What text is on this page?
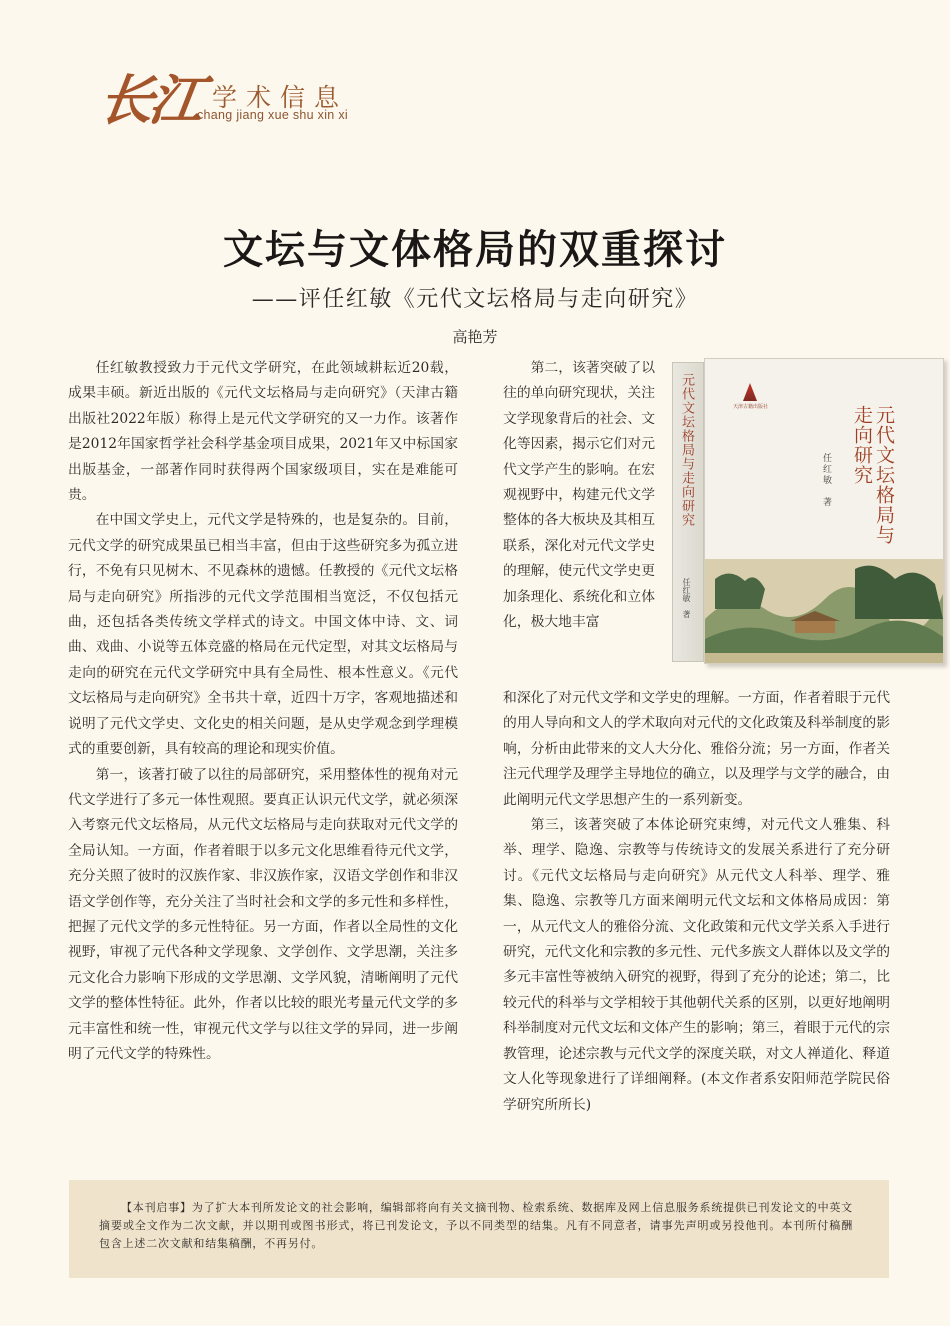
长江 学术信息
chang jiang xue shu xin xi
文坛与文体格局的双重探讨
——评任红敏《元代文坛格局与走向研究》
高艳芳

任红敏教授致力于元代文学研究，在此领域耕耘近20载，成果丰硕。新近出版的《元代文坛格局与走向研究》（天津古籍出版社2022年版）称得上是元代文学研究的又一力作。该著作是2012年国家哲学社会科学基金项目成果，2021年又中标国家出版基金，一部著作同时获得两个国家级项目，实在是难能可贵。

在中国文学史上，元代文学是特殊的，也是复杂的。目前，元代文学的研究成果虽已相当丰富，但由于这些研究多为孤立进行，不免有只见树木、不见森林的遗憾。任教授的《元代文坛格局与走向研究》所指涉的元代文学范围相当宽泛，不仅包括元曲，还包括各类传统文学样式的诗文。中国文体中诗、文、词曲、戏曲、小说等五体竞盛的格局在元代定型，对其文坛格局与走向的研究在元代文学研究中具有全局性、根本性意义。《元代文坛格局与走向研究》全书共十章，近四十万字，客观地描述和说明了元代文学史、文化史的相关问题，是从史学观念到学理模式的重要创新，具有较高的理论和现实价值。

第一，该著打破了以往的局部研究，采用整体性的视角对元代文学进行了多元一体性观照。要真正认识元代文学，就必须深入考察元代文坛格局，从元代文坛格局与走向获取对元代文学的全局认知。一方面，作者着眼于以多元文化思维看待元代文学，充分关照了彼时的汉族作家、非汉族作家，汉语文学创作和非汉语文学创作等，充分关注了当时社会和文学的多元性和多样性，把握了元代文学的多元性特征。另一方面，作者以全局性的文化视野，审视了元代各种文学现象、文学创作、文学思潮，关注多元文化合力影响下形成的文学思潮、文学风貌，清晰阐明了元代文学的整体性特征。此外，作者以比较的眼光考量元代文学的多元丰富性和统一性，审视元代文学与以往文学的异同，进一步阐明了元代文学的特殊性。

第二，该著突破了以往的单向研究现状，关注文学现象背后的社会、文化等因素，揭示它们对元代文学产生的影响。在宏观视野中，构建元代文学整体的各大板块及其相互联系，深化对元代文学史的理解，使元代文学史更加条理化、系统化和立体化，极大地丰富

元代文坛格局与走向研究
任红敏　著
天津古籍出版社
任红敏　著	元代文坛格局与走向研究

和深化了对元代文学和文学史的理解。一方面，作者着眼于元代的用人导向和文人的学术取向对元代的文化政策及科举制度的影响，分析由此带来的文人大分化、雅俗分流；另一方面，作者关注元代理学及理学主导地位的确立，以及理学与文学的融合，由此阐明元代文学思想产生的一系列新变。

第三，该著突破了本体论研究束缚，对元代文人雅集、科举、理学、隐逸、宗教等与传统诗文的发展关系进行了充分研讨。《元代文坛格局与走向研究》从元代文人科举、理学、雅集、隐逸、宗教等几方面来阐明元代文坛和文体格局成因：第一，从元代文人的雅俗分流、文化政策和元代文学关系入手进行研究，元代文化和宗教的多元性、元代多族文人群体以及文学的多元丰富性等被纳入研究的视野，得到了充分的论述；第二，比较元代的科举与文学相较于其他朝代关系的区别，以更好地阐明科举制度对元代文坛和文体产生的影响；第三，着眼于元代的宗教管理，论述宗教与元代文学的深度关联，对文人禅道化、释道文人化等现象进行了详细阐释。(本文作者系安阳师范学院民俗学研究所所长)

【本刊启事】为了扩大本刊所发论文的社会影响，编辑部将向有关文摘刊物、检索系统、数据库及网上信息服务系统提供已刊发论文的中英文摘要或全文作为二次文献，并以期刊或图书形式，将已刊发论文，予以不同类型的结集。凡有不同意者，请事先声明或另投他刊。本刊所付稿酬包含上述二次文献和结集稿酬，不再另付。
